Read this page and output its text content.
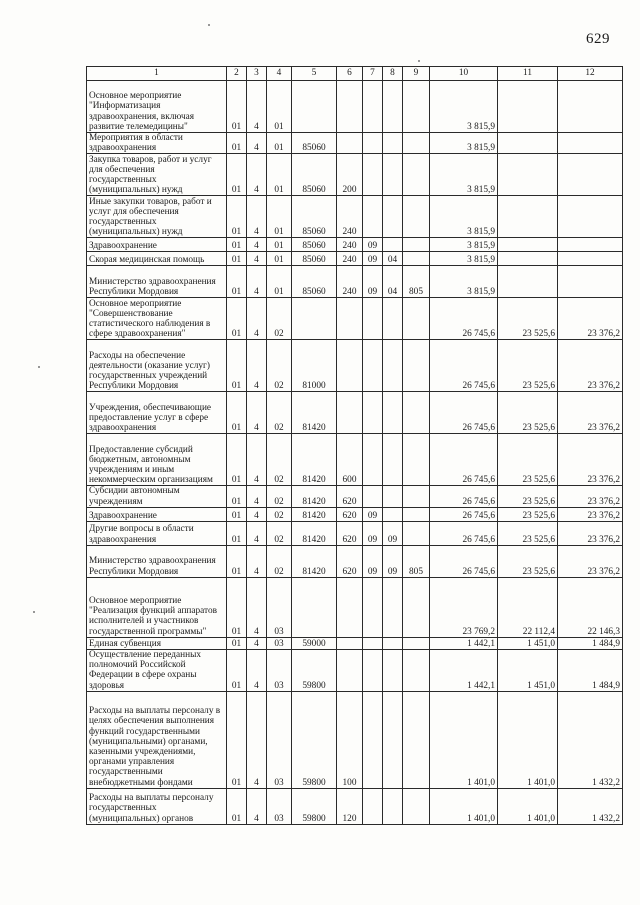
629
1	2	3	4	5	6	7	8	9	10	11	12
Основное мероприятие "Информатизация здравоохранения, включая развитие телемедицины"	01	4	01						3 815,9		
Мероприятия в области здравоохранения	01	4	01	85060					3 815,9		
Закупка товаров, работ и услуг для обеспечения государственных (муниципальных) нужд	01	4	01	85060	200				3 815,9		
Иные закупки товаров, работ и услуг для обеспечения государственных (муниципальных) нужд	01	4	01	85060	240				3 815,9		
Здравоохранение	01	4	01	85060	240	09			3 815,9		
Скорая медицинская помощь	01	4	01	85060	240	09	04		3 815,9		
Министерство здравоохранения Республики Мордовия	01	4	01	85060	240	09	04	805	3 815,9		
Основное мероприятие "Совершенствование статистического наблюдения в сфере здравоохранения"	01	4	02						26 745,6	23 525,6	23 376,2
Расходы на обеспечение деятельности (оказание услуг) государственных учреждений Республики Мордовия	01	4	02	81000					26 745,6	23 525,6	23 376,2
Учреждения, обеспечивающие предоставление услуг в сфере здравоохранения	01	4	02	81420					26 745,6	23 525,6	23 376,2
Предоставление субсидий бюджетным, автономным учреждениям и иным некоммерческим организациям	01	4	02	81420	600				26 745,6	23 525,6	23 376,2
Субсидии автономным учреждениям	01	4	02	81420	620				26 745,6	23 525,6	23 376,2
Здравоохранение	01	4	02	81420	620	09			26 745,6	23 525,6	23 376,2
Другие вопросы в области здравоохранения	01	4	02	81420	620	09	09		26 745,6	23 525,6	23 376,2
Министерство здравоохранения Республики Мордовия	01	4	02	81420	620	09	09	805	26 745,6	23 525,6	23 376,2
Основное мероприятие "Реализация функций аппаратов исполнителей и участников государственной программы"	01	4	03						23 769,2	22 112,4	22 146,3
Единая субвенция	01	4	03	59000					1 442,1	1 451,0	1 484,9
Осуществление переданных полномочий Российской Федерации в сфере охраны здоровья	01	4	03	59800					1 442,1	1 451,0	1 484,9
Расходы на выплаты персоналу в целях обеспечения выполнения функций государственными (муниципальными) органами, казенными учреждениями, органами управления государственными внебюджетными фондами	01	4	03	59800	100				1 401,0	1 401,0	1 432,2
Расходы на выплаты персоналу государственных (муниципальных) органов	01	4	03	59800	120				1 401,0	1 401,0	1 432,2
